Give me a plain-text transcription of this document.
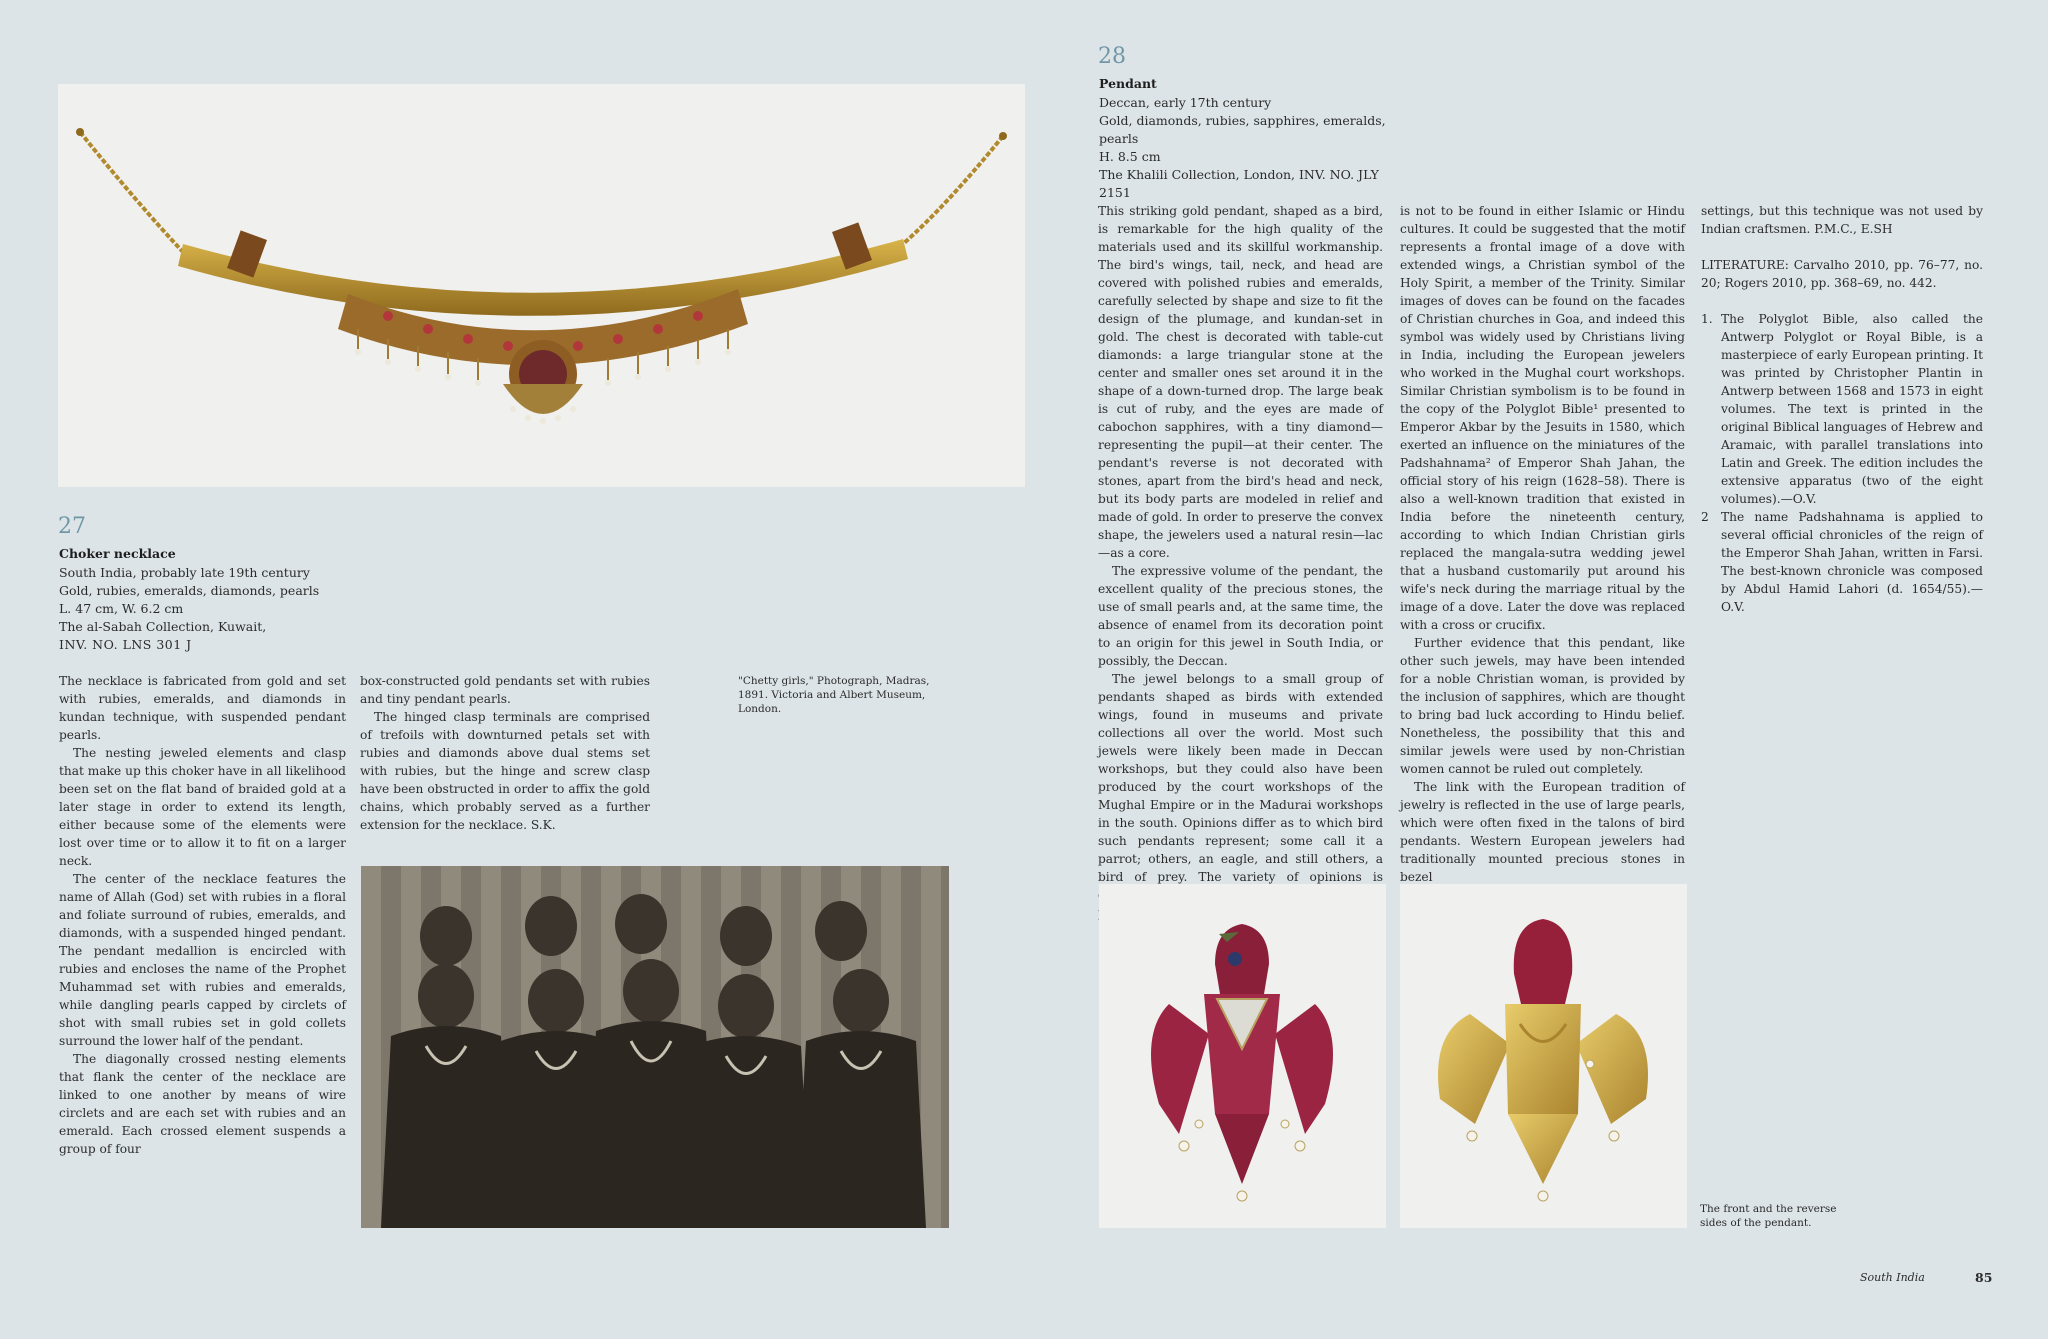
27
Choker necklace
South India, probably late 19th century
Gold, rubies, emeralds, diamonds, pearls
L. 47 cm, W. 6.2 cm
The al-Sabah Collection, Kuwait,
INV. NO. LNS 301 J

The necklace is fabricated from gold and set with rubies, emeralds, and diamonds in kundan technique, with suspended pendant pearls.

The nesting jeweled elements and clasp that make up this choker have in all likelihood been set on the flat band of braided gold at a later stage in order to extend its length, either because some of the elements were lost over time or to allow it to fit on a larger neck.

The center of the necklace features the name of Allah (God) set with rubies in a floral and foliate surround of rubies, emeralds, and diamonds, with a suspended hinged pendant. The pendant medallion is encircled with rubies and encloses the name of the Prophet Muhammad set with rubies and emeralds, while dangling pearls capped by circlets of shot with small rubies set in gold collets surround the lower half of the pendant.

The diagonally crossed nesting elements that flank the center of the necklace are linked to one another by means of wire circlets and are each set with rubies and an emerald. Each crossed element suspends a group of four

box-constructed gold pendants set with rubies and tiny pendant pearls.

The hinged clasp terminals are comprised of trefoils with downturned petals set with rubies and diamonds above dual stems set with rubies, but the hinge and screw clasp have been obstructed in order to affix the gold chains, which probably served as a further extension for the necklace. S.K.

"Chetty girls," Photograph, Madras, 1891. Victoria and Albert Museum, London.
28
Pendant
Deccan, early 17th century
Gold, diamonds, rubies, sapphires, emeralds,
pearls
H. 8.5 cm
The Khalili Collection, London, INV. NO. JLY 2151

This striking gold pendant, shaped as a bird, is remarkable for the high quality of the materials used and its skillful workmanship. The bird's wings, tail, neck, and head are covered with polished rubies and emeralds, carefully selected by shape and size to fit the design of the plumage, and kundan-set in gold. The chest is decorated with table-cut diamonds: a large triangular stone at the center and smaller ones set around it in the shape of a down-turned drop. The large beak is cut of ruby, and the eyes are made of cabochon sapphires, with a tiny diamond—representing the pupil—at their center. The pendant's reverse is not decorated with stones, apart from the bird's head and neck, but its body parts are modeled in relief and made of gold. In order to preserve the convex shape, the jewelers used a natural resin—lac—as a core.

The expressive volume of the pendant, the excellent quality of the precious stones, the use of small pearls and, at the same time, the absence of enamel from its decoration point to an origin for this jewel in South India, or possibly, the Deccan.

The jewel belongs to a small group of pendants shaped as birds with extended wings, found in museums and private collections all over the world. Most such jewels were likely been made in Deccan workshops, but they could also have been produced by the court workshops of the Mughal Empire or in the Madurai workshops in the south. Opinions differ as to which bird such pendants represent; some call it a parrot; others, an eagle, and still others, a bird of prey. The variety of opinions is

is not to be found in either Islamic or Hindu cultures. It could be suggested that the motif represents a frontal image of a dove with extended wings, a Christian symbol of the Holy Spirit, a member of the Trinity. Similar images of doves can be found on the facades of Christian churches in Goa, and indeed this symbol was widely used by Christians living in India, including the European jewelers who worked in the Mughal court workshops. Similar Christian symbolism is to be found in the copy of the Polyglot Bible¹ presented to Emperor Akbar by the Jesuits in 1580, which exerted an influence on the miniatures of the Padshahnama² of Emperor Shah Jahan, the official story of his reign (1628–58). There is also a well-known tradition that existed in India before the nineteenth century, according to which Indian Christian girls replaced the mangala-sutra wedding jewel that a husband customarily put around his wife's neck during the marriage ritual by the image of a dove. Later the dove was replaced with a cross or crucifix.

Further evidence that this pendant, like other such jewels, may have been intended for a noble Christian woman, is provided by the inclusion of sapphires, which are thought to bring bad luck according to Hindu belief. Nonetheless, the possibility that this and similar jewels were used by non-Christian women cannot be ruled out completely.

The link with the European tradition of jewelry is reflected in the use of large pearls, which were often fixed in the talons of bird pendants. Western European jewelers had traditionally mounted precious stones in bezel

settings, but this technique was not used by Indian craftsmen. P.M.C., E.SH

LITERATURE: Carvalho 2010, pp. 76–77, no. 20; Rogers 2010, pp. 368–69, no. 442.

1. The Polyglot Bible, also called the Antwerp Polyglot or Royal Bible, is a masterpiece of early European printing. It was printed by Christopher Plantin in Antwerp between 1568 and 1573 in eight volumes. The text is printed in the original Biblical languages of Hebrew and Aramaic, with parallel translations into Latin and Greek. The edition includes the extensive apparatus (two of the eight volumes).—O.V.
2	The name Padshahnama is applied to several official chronicles of the reign of the Emperor Shah Jahan, written in Farsi. The best-known chronicle was composed by Abdul Hamid Lahori (d. 1654/55).—O.V.
The front and the reverse sides of the pendant.
South India	85
